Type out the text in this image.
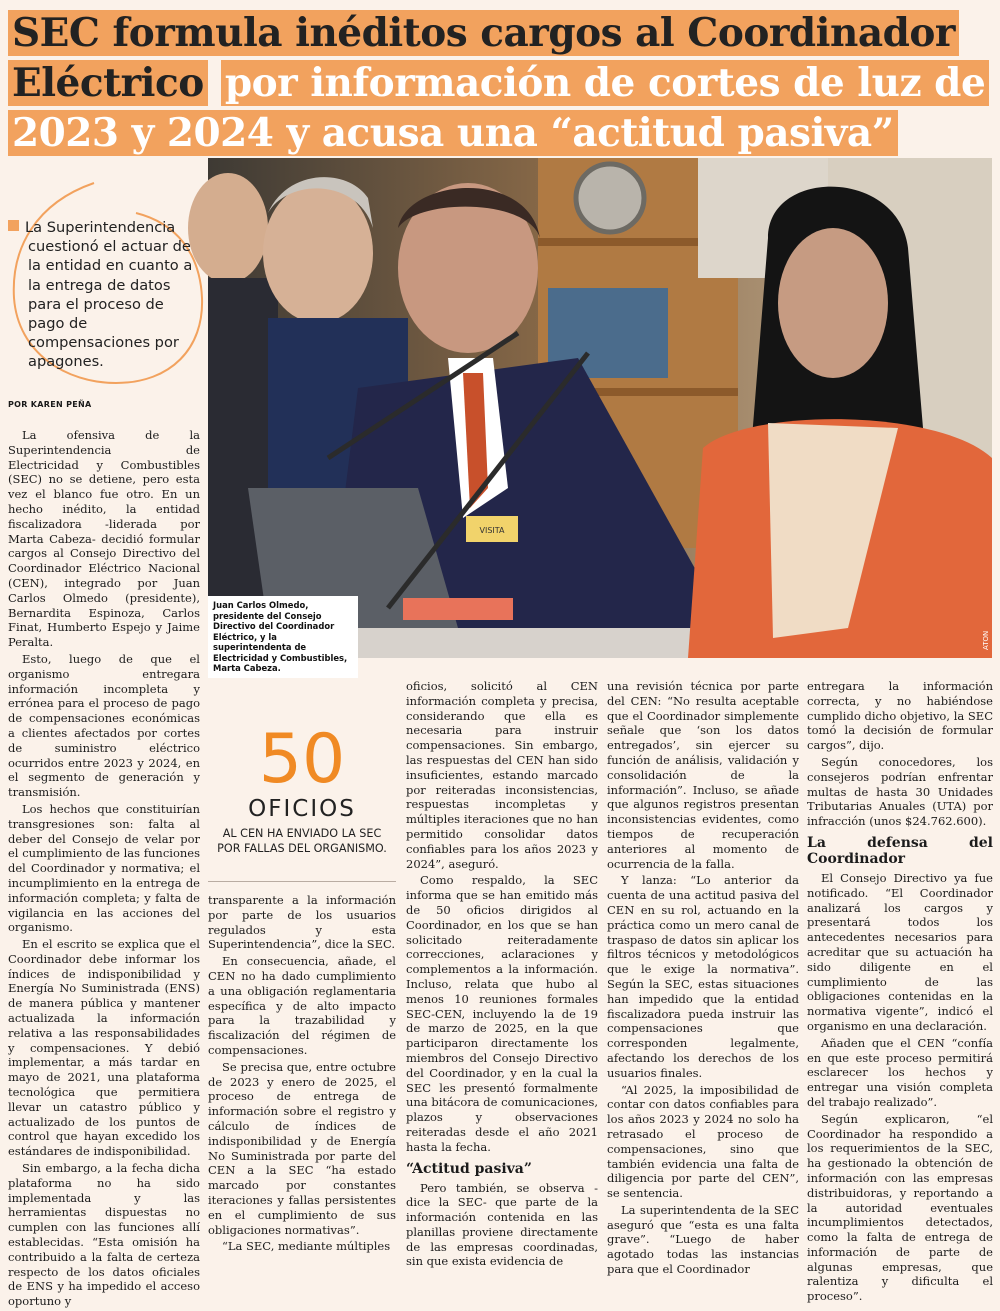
SEC formula inéditos cargos al Coordinador Eléctrico por información de cortes de luz de 2023 y 2024 y acusa una “actitud pasiva”
La Superintendencia cuestionó el actuar de la entidad en cuanto a la entrega de datos para el proceso de pago de compensaciones por apagones.
POR KAREN PEÑA
VISITA
Juan Carlos Olmedo, presidente del Consejo Directivo del Coordinador Eléctrico, y la superintendenta de Electricidad y Combustibles, Marta Cabeza.
ATON

La ofensiva de la Superintendencia de Electricidad y Combustibles (SEC) no se detiene, pero esta vez el blanco fue otro. En un hecho inédito, la entidad fiscalizadora -liderada por Marta Cabeza- decidió formular cargos al Consejo Directivo del Coordinador Eléctrico Nacional (CEN), integrado por Juan Carlos Olmedo (presidente), Bernardita Espinoza, Carlos Finat, Humberto Espejo y Jaime Peralta.

Esto, luego de que el organismo entregara información incompleta y errónea para el proceso de pago de compensaciones económicas a clientes afectados por cortes de suministro eléctrico ocurridos entre 2023 y 2024, en el segmento de generación y transmisión.

Los hechos que constituirían transgresiones son: falta al deber del Consejo de velar por el cumplimiento de las funciones del Coordinador y normativa; el incumplimiento en la entrega de información completa; y falta de vigilancia en las acciones del organismo.

En el escrito se explica que el Coordinador debe informar los índices de indisponibilidad y Energía No Suministrada (ENS) de manera pública y mantener actualizada la información relativa a las responsabilidades y compensaciones. Y debió implementar, a más tardar en mayo de 2021, una plataforma tecnológica que permitiera llevar un catastro público y actualizado de los puntos de control que hayan excedido los estándares de indisponibilidad.

Sin embargo, a la fecha dicha plataforma no ha sido implementada y las herramientas dispuestas no cumplen con las funciones allí establecidas. “Esta omisión ha contribuido a la falta de certeza respecto de los datos oficiales de ENS y ha impedido el acceso oportuno y

50
OFICIOS
AL CEN HA ENVIADO LA SEC POR FALLAS DEL ORGANISMO.

transparente a la información por parte de los usuarios regulados y esta Superintendencia”, dice la SEC.

En consecuencia, añade, el CEN no ha dado cumplimiento a una obligación reglamentaria específica y de alto impacto para la trazabilidad y fiscalización del régimen de compensaciones.

Se precisa que, entre octubre de 2023 y enero de 2025, el proceso de entrega de información sobre el registro y cálculo de índices de indisponibilidad y de Energía No Suministrada por parte del CEN a la SEC “ha estado marcado por constantes iteraciones y fallas persistentes en el cumplimiento de sus obligaciones normativas”.

“La SEC, mediante múltiples

oficios, solicitó al CEN información completa y precisa, considerando que ella es necesaria para instruir compensaciones. Sin embargo, las respuestas del CEN han sido insuficientes, estando marcado por reiteradas inconsistencias, respuestas incompletas y múltiples iteraciones que no han permitido consolidar datos confiables para los años 2023 y 2024”, aseguró.

Como respaldo, la SEC informa que se han emitido más de 50 oficios dirigidos al Coordinador, en los que se han solicitado reiteradamente correcciones, aclaraciones y complementos a la información. Incluso, relata que hubo al menos 10 reuniones formales SEC-CEN, incluyendo la de 19 de marzo de 2025, en la que participaron directamente los miembros del Consejo Directivo del Coordinador, y en la cual la SEC les presentó formalmente una bitácora de comunicaciones, plazos y observaciones reiteradas desde el año 2021 hasta la fecha.

“Actitud pasiva”

Pero también, se observa -dice la SEC- que parte de la información contenida en las planillas proviene directamente de las empresas coordinadas, sin que exista evidencia de

una revisión técnica por parte del CEN: “No resulta aceptable que el Coordinador simplemente señale que ‘son los datos entregados’, sin ejercer su función de análisis, validación y consolidación de la información”. Incluso, se añade que algunos registros presentan inconsistencias evidentes, como tiempos de recuperación anteriores al momento de ocurrencia de la falla.

Y lanza: “Lo anterior da cuenta de una actitud pasiva del CEN en su rol, actuando en la práctica como un mero canal de traspaso de datos sin aplicar los filtros técnicos y metodológicos que le exige la normativa”. Según la SEC, estas situaciones han impedido que la entidad fiscalizadora pueda instruir las compensaciones que corresponden legalmente, afectando los derechos de los usuarios finales.

“Al 2025, la imposibilidad de contar con datos confiables para los años 2023 y 2024 no solo ha retrasado el proceso de compensaciones, sino que también evidencia una falta de diligencia por parte del CEN”, se sentencia.

La superintendenta de la SEC aseguró que “esta es una falta grave”. “Luego de haber agotado todas las instancias para que el Coordinador

entregara la información correcta, y no habiéndose cumplido dicho objetivo, la SEC tomó la decisión de formular cargos”, dijo.

Según conocedores, los consejeros podrían enfrentar multas de hasta 30 Unidades Tributarias Anuales (UTA) por infracción (unos $24.762.600).

La defensa del Coordinador

El Consejo Directivo ya fue notificado. “El Coordinador analizará los cargos y presentará todos los antecedentes necesarios para acreditar que su actuación ha sido diligente en el cumplimiento de las obligaciones contenidas en la normativa vigente”, indicó el organismo en una declaración.

Añaden que el CEN “confía en que este proceso permitirá esclarecer los hechos y entregar una visión completa del trabajo realizado”.

Según explicaron, “el Coordinador ha respondido a los requerimientos de la SEC, ha gestionado la obtención de información con las empresas distribuidoras, y reportando a la autoridad eventuales incumplimientos detectados, como la falta de entrega de información de parte de algunas empresas, que ralentiza y dificulta el proceso”.
